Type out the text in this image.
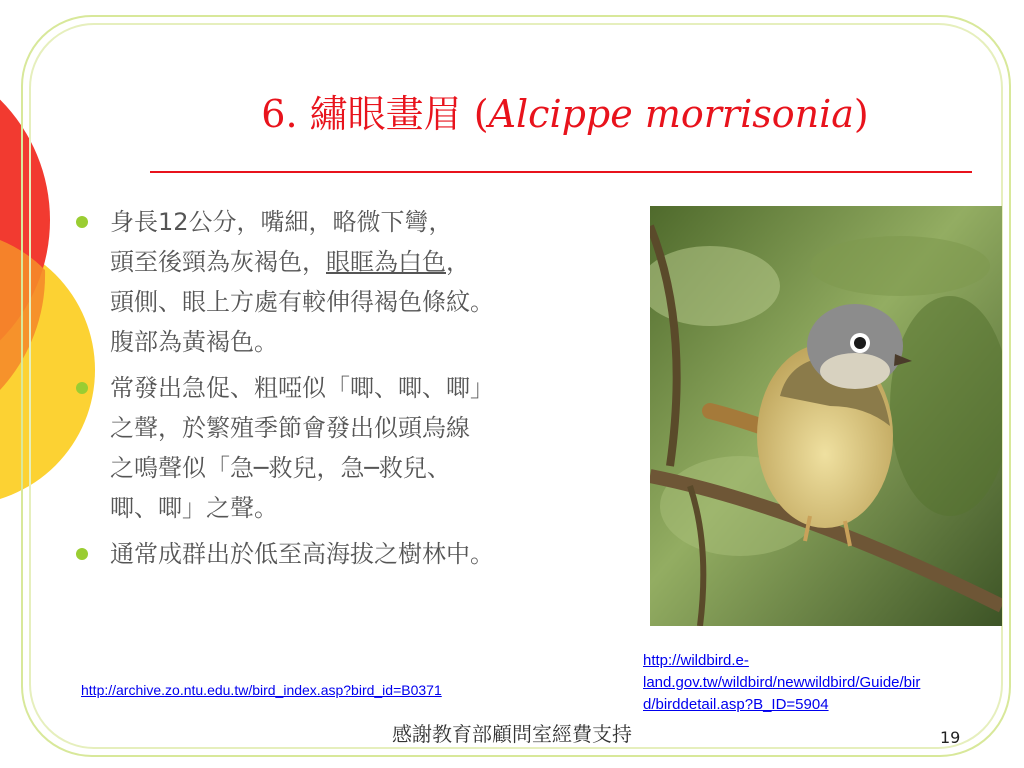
6. 繡眼畫眉 (Alcippe morrisonia)
身長12公分，嘴細，略微下彎，
頭至後頸為灰褐色，眼眶為白色，
頭側、眼上方處有較伸得褐色條紋。
腹部為黃褐色。
常發出急促、粗啞似「唧、唧、唧」
之聲，於繁殖季節會發出似頭烏線
之鳴聲似「急─救兒，急─救兒、
唧、唧」之聲。
通常成群出於低至高海拔之樹林中。
http://archive.zo.ntu.edu.tw/bird_index.asp?bird_id=B0371
http://wildbird.e-
land.gov.tw/wildbird/newwildbird/Guide/bir
d/birddetail.asp?B_ID=5904
感謝教育部顧問室經費支持	19
